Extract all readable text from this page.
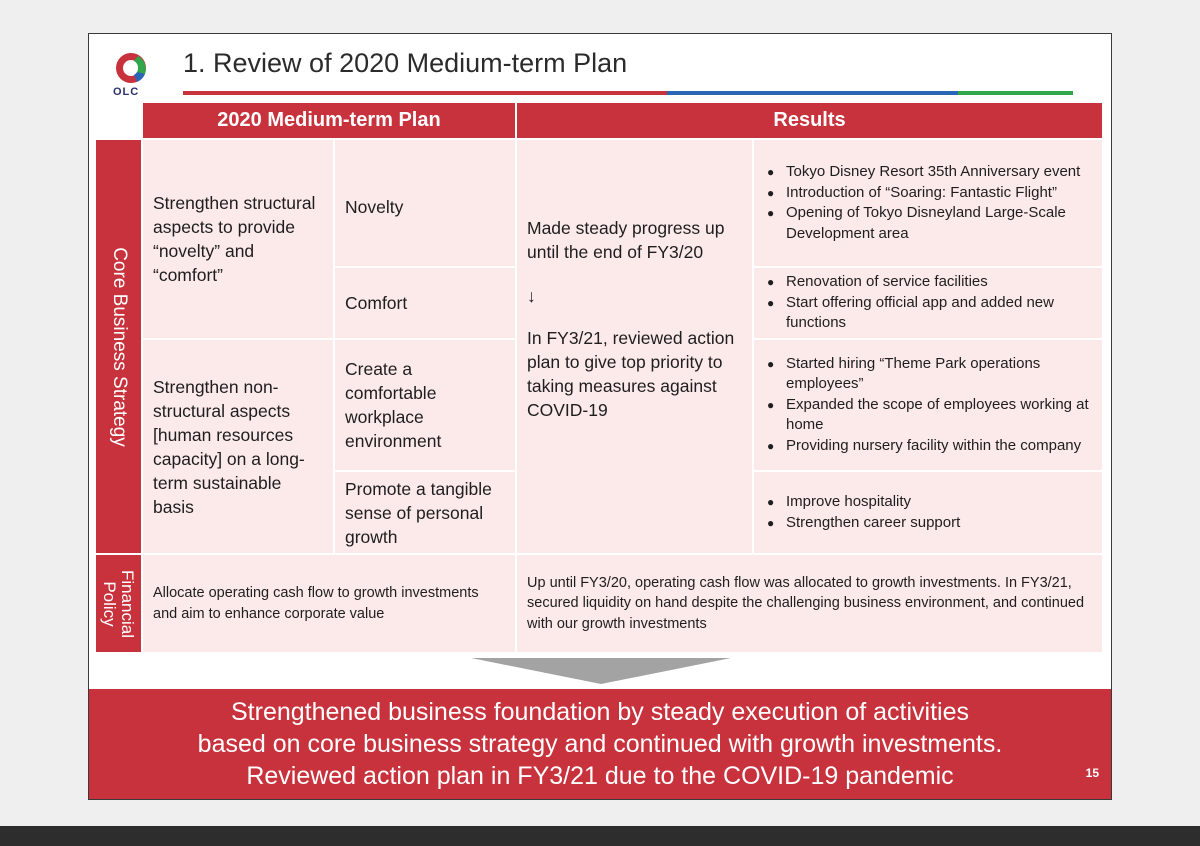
OLC
1. Review of 2020 Medium-term Plan
2020 Medium-term Plan	Results
Core Business Strategy
Financial
Policy
Strengthen structural aspects to provide “novelty” and “comfort”
Strengthen non-structural aspects [human resources capacity] on a long-term sustainable basis
Novelty
Comfort
Create a comfortable workplace environment
Promote a tangible sense of personal growth
Made steady progress up until the end of FY3/20
↓
In FY3/21, reviewed action plan to give top priority to taking measures against COVID-19
● Tokyo Disney Resort 35th Anniversary event
● Introduction of “Soaring: Fantastic Flight”
● Opening of Tokyo Disneyland Large-Scale Development area
● Renovation of service facilities
● Start offering official app and added new functions
● Started hiring “Theme Park operations employees”
● Expanded the scope of employees working at home
● Providing nursery facility within the company
● Improve hospitality
● Strengthen career support
Allocate operating cash flow to growth investments and aim to enhance corporate value
Up until FY3/20, operating cash flow was allocated to growth investments. In FY3/21, secured liquidity on hand despite the challenging business environment, and continued with our growth investments
Strengthened business foundation by steady execution of activities
based on core business strategy and continued with growth investments.
Reviewed action plan in FY3/21 due to the COVID-19 pandemic	15
